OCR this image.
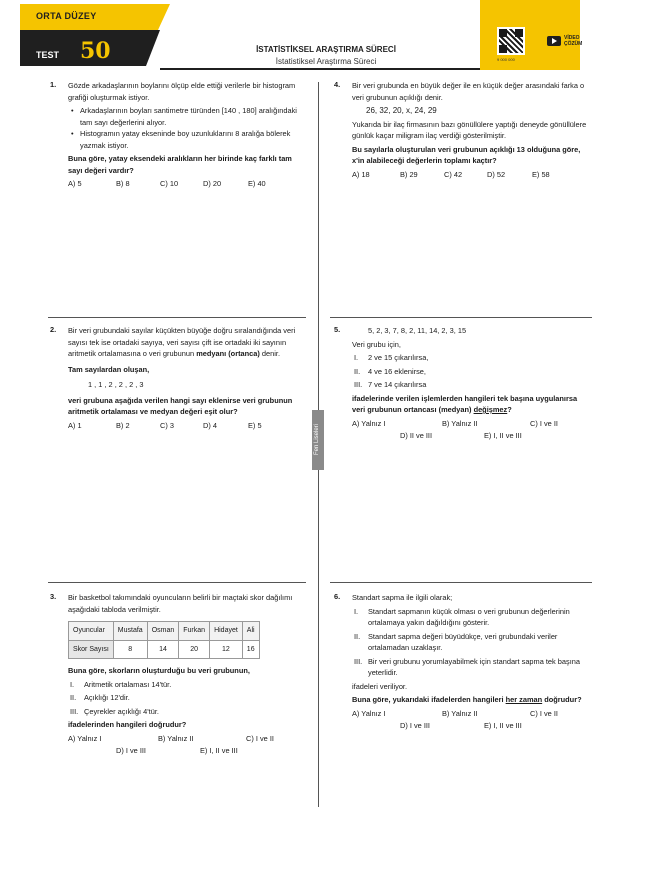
ORTA DÜZEY
TEST 50	İSTATİSTİKSEL ARAŞTIRMA SÜRECİ
İstatistiksel Araştırma Süreci	9 000 000
VİDEO
ÇÖZÜM
Fen Liseleri
1. Gözde arkadaşlarının boylarını ölçüp elde ettiği verilerle bir histogram grafiği oluşturmak istiyor.
• Arkadaşlarının boyları santimetre türünden [140 , 180] aralığındaki tam sayı değerlerini alıyor.
• Histogramın yatay ekseninde boy uzunluklarını 8 aralığa bölerek yazmak istiyor.
Buna göre, yatay eksendeki aralıkların her birinde kaç farklı tam sayı değeri vardır?
A) 5	B) 8	C) 10	D) 20	E) 40
4. Bir veri grubunda en büyük değer ile en küçük değer arasındaki farka o veri grubunun açıklığı denir.
26, 32, 20, x, 24, 29
Yukarıda bir ilaç firmasının bazı gönüllülere yaptığı deneyde gönüllülere günlük kaçar miligram ilaç verdiği gösterilmiştir.
Bu sayılarla oluşturulan veri grubunun açıklığı 13 olduğuna göre, x'in alabileceği değerlerin toplamı kaçtır?
A) 18	B) 29	C) 42	D) 52	E) 58
2. Bir veri grubundaki sayılar küçükten büyüğe doğru sıralandığında veri sayısı tek ise ortadaki sayıya, veri sayısı çift ise ortadaki iki sayının aritmetik ortalamasına o veri grubunun medyanı (ortanca) denir.
Tam sayılardan oluşan,
1 , 1 , 2 , 2 , 2 , 3
veri grubuna aşağıda verilen hangi sayı eklenirse veri grubunun aritmetik ortalaması ve medyan değeri eşit olur?
A) 1	B) 2	C) 3	D) 4	E) 5
5.	5, 2, 3, 7, 8, 2, 11, 14, 2, 3, 15
Veri grubu için,
I. 2 ve 15 çıkarılırsa,
II. 4 ve 16 eklenirse,
III. 7 ve 14 çıkarılırsa
ifadelerinde verilen işlemlerden hangileri tek başına uygulanırsa veri grubunun ortancası (medyan) değişmez?
A) Yalnız I	B) Yalnız II	C) I ve II
D) II ve III	E) I, II ve III
3. Bir basketbol takımındaki oyuncuların belirli bir maçtaki skor dağılımı aşağıdaki tabloda verilmiştir.
Oyuncular	Mustafa	Osman	Furkan	Hidayet	Ali
Skor Sayısı	8	14	20	12	16
Buna göre, skorların oluşturduğu bu veri grubunun,
I. Aritmetik ortalaması 14'tür.
II. Açıklığı 12'dir.
III. Çeyrekler açıklığı 4'tür.
ifadelerinden hangileri doğrudur?
A) Yalnız I	B) Yalnız II	C) I ve II
D) I ve III	E) I, II ve III
6. Standart sapma ile ilgili olarak;
I. Standart sapmanın küçük olması o veri grubunun değerlerinin ortalamaya yakın dağıldığını gösterir.
II. Standart sapma değeri büyüdükçe, veri grubundaki veriler ortalamadan uzaklaşır.
III. Bir veri grubunu yorumlayabilmek için standart sapma tek başına yeterlidir.
ifadeleri veriliyor.
Buna göre, yukarıdaki ifadelerden hangileri her zaman doğrudur?
A) Yalnız I	B) Yalnız II	C) I ve II
D) I ve III	E) I, II ve III
